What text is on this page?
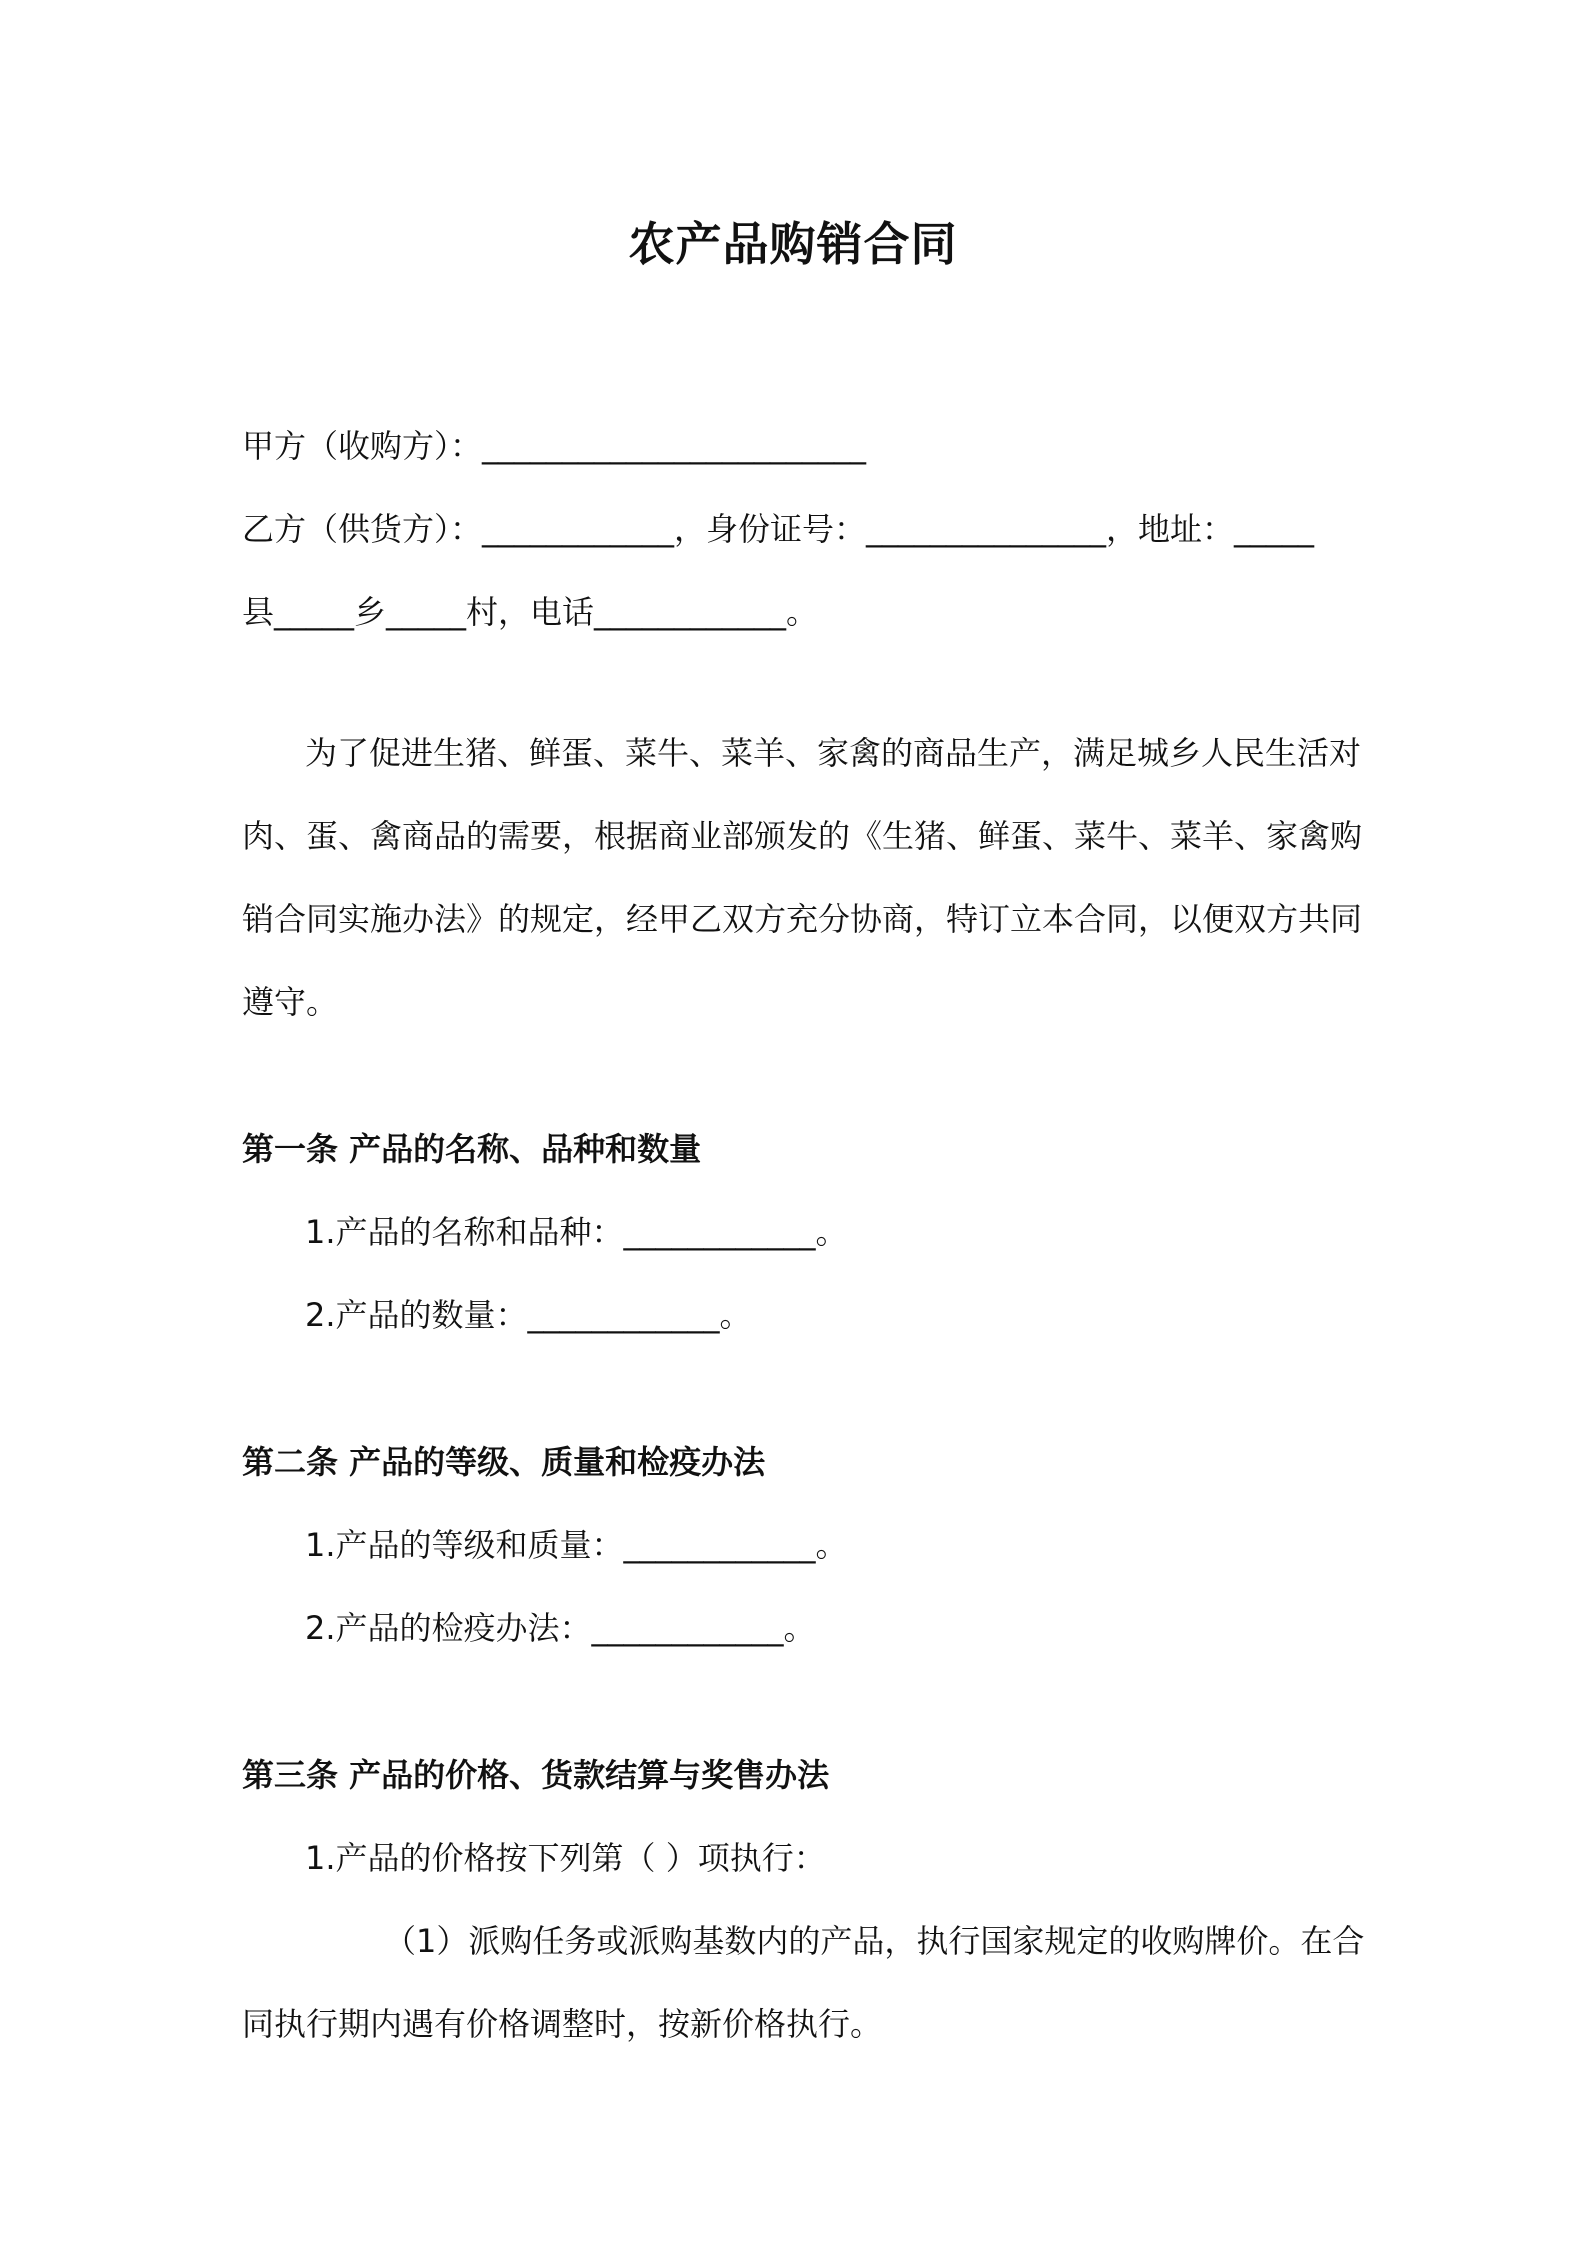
农产品购销合同
甲方（收购方）：________________________
乙方（供货方）：____________，身份证号：_______________，地址：_____
县_____乡_____村，电话____________。
为了促进生猪、鲜蛋、菜牛、菜羊、家禽的商品生产，满足城乡人民生活对
肉、蛋、禽商品的需要，根据商业部颁发的《生猪、鲜蛋、菜牛、菜羊、家禽购
销合同实施办法》的规定，经甲乙双方充分协商，特订立本合同，以便双方共同
遵守。
第一条 产品的名称、品种和数量
1.产品的名称和品种：____________。
2.产品的数量：____________。
第二条 产品的等级、质量和检疫办法
1.产品的等级和质量：____________。
2.产品的检疫办法：____________。
第三条 产品的价格、货款结算与奖售办法
1.产品的价格按下列第（ ）项执行：
（1）派购任务或派购基数内的产品，执行国家规定的收购牌价。在合
同执行期内遇有价格调整时，按新价格执行。
